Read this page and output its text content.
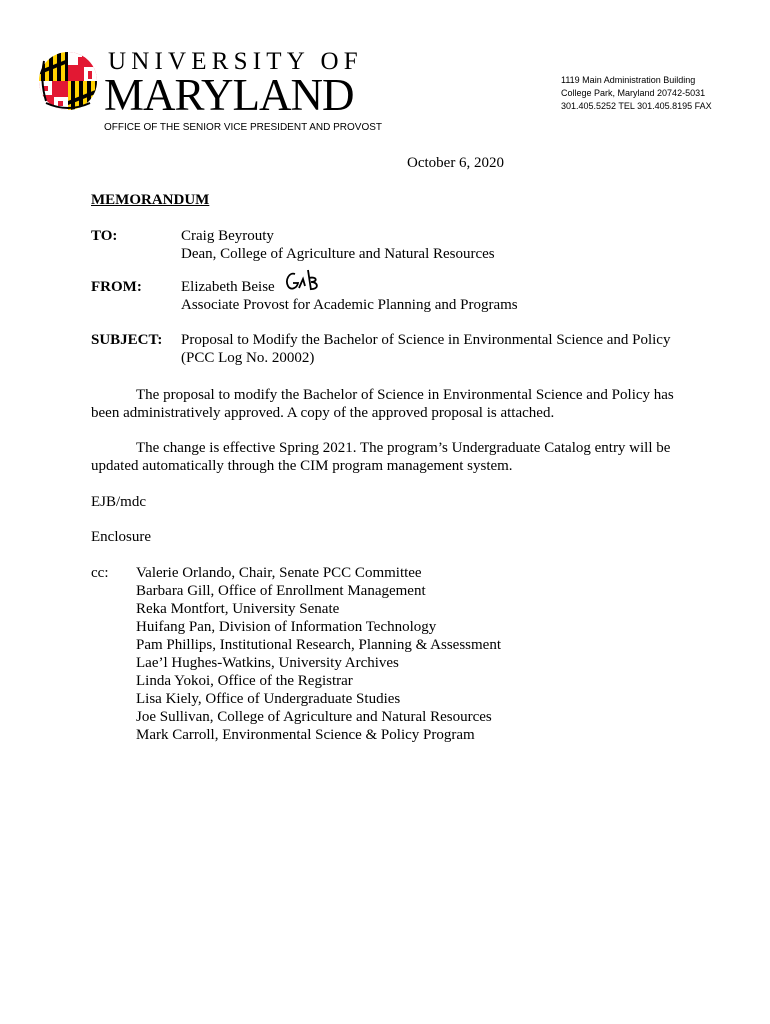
UNIVERSITY OF
MARYLAND
OFFICE OF THE SENIOR VICE PRESIDENT AND PROVOST
1119 Main Administration Building
College Park, Maryland 20742-5031
301.405.5252 TEL 301.405.8195 FAX
October 6, 2020
MEMORANDUM
TO:	Craig Beyrouty
Dean, College of Agriculture and Natural Resources
FROM:	Elizabeth Beise
Associate Provost for Academic Planning and Programs
SUBJECT: Proposal to Modify the Bachelor of Science in Environmental Science and Policy
(PCC Log No. 20002)
The proposal to modify the Bachelor of Science in Environmental Science and Policy has
been administratively approved. A copy of the approved proposal is attached.
The change is effective Spring 2021. The program’s Undergraduate Catalog entry will be
updated automatically through the CIM program management system.
EJB/mdc
Enclosure
cc: Valerie Orlando, Chair, Senate PCC Committee
Barbara Gill, Office of Enrollment Management
Reka Montfort, University Senate
Huifang Pan, Division of Information Technology
Pam Phillips, Institutional Research, Planning & Assessment
Lae’l Hughes-Watkins, University Archives
Linda Yokoi, Office of the Registrar
Lisa Kiely, Office of Undergraduate Studies
Joe Sullivan, College of Agriculture and Natural Resources
Mark Carroll, Environmental Science & Policy Program
